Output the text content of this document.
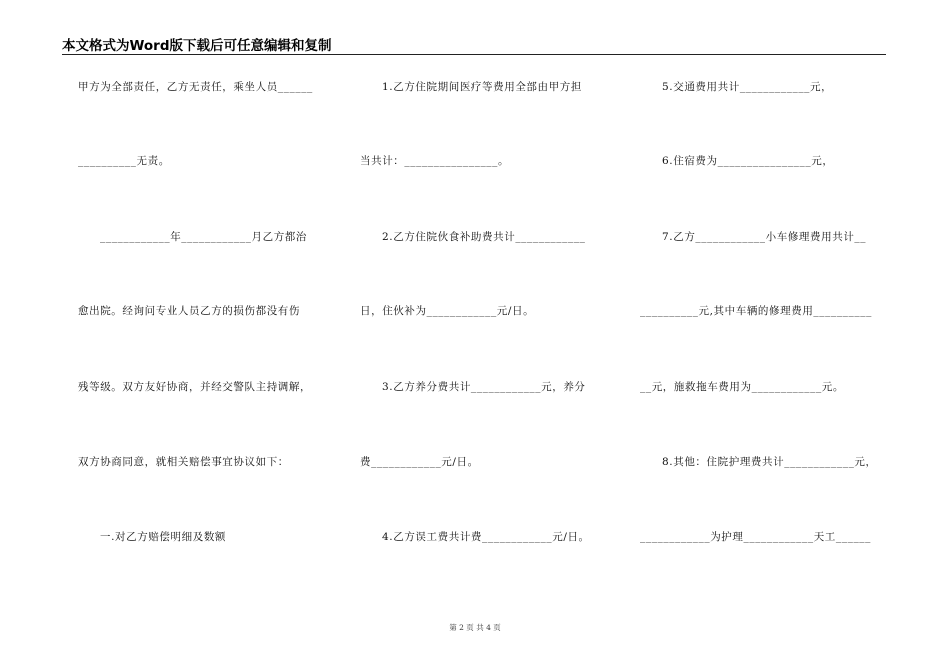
本文格式为Word版下载后可任意编辑和复制
甲方为全部责任，乙方无责任，乘坐人员______
__________无责。
____________年____________月乙方都治
愈出院。经询问专业人员乙方的损伤都没有伤
残等级。双方友好协商，并经交警队主持调解，
双方协商同意，就相关赔偿事宜协议如下：
一.对乙方赔偿明细及数额
1.乙方住院期间医疗等费用全部由甲方担
当共计：________________。
2.乙方住院伙食补助费共计____________
日，住伙补为____________元/日。
3.乙方养分费共计____________元，养分
费____________元/日。
4.乙方误工费共计费____________元/日。
5.交通费用共计____________元，
6.住宿费为________________元，
7.乙方____________小车修理费用共计__
__________元,其中车辆的修理费用__________
__元，施救拖车费用为____________元。
8.其他：住院护理费共计____________元，
____________为护理____________天工______
第 2 页 共 4 页
